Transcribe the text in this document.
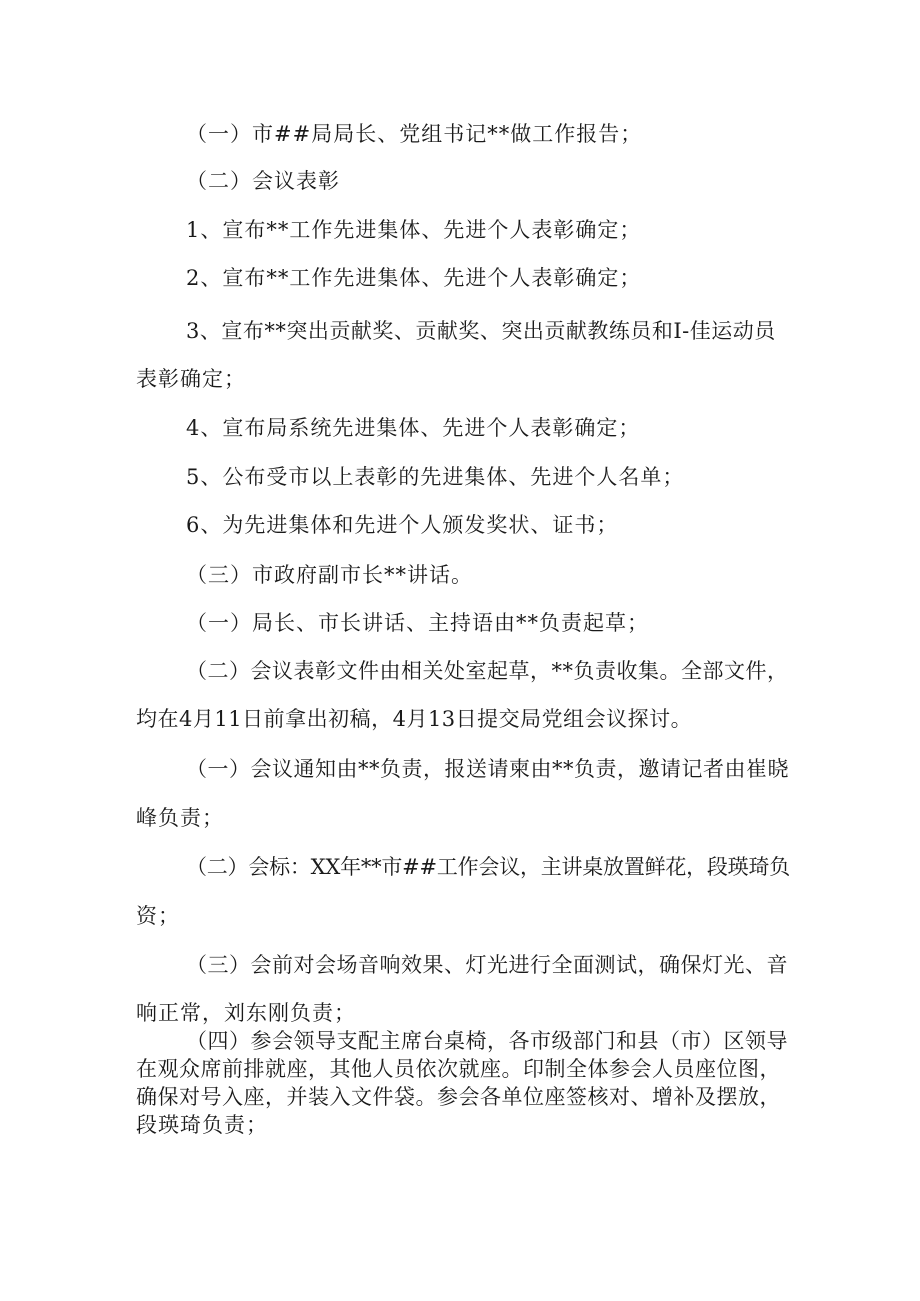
（一）市##局局长、党组书记**做工作报告；
（二）会议表彰
1、宣布**工作先进集体、先进个人表彰确定；
2、宣布**工作先进集体、先进个人表彰确定；
3、宣布**突出贡献奖、贡献奖、突出贡献教练员和I-佳运动员
表彰确定；
4、宣布局系统先进集体、先进个人表彰确定；
5、公布受市以上表彰的先进集体、先进个人名单；
6、为先进集体和先进个人颁发奖状、证书；
（三）市政府副市长**讲话。
（一）局长、市长讲话、主持语由**负责起草；
（二）会议表彰文件由相关处室起草，**负责收集。全部文件，
均在4月11日前拿出初稿，4月13日提交局党组会议探讨。
（一）会议通知由**负责，报送请柬由**负责，邀请记者由崔晓
峰负责；
（二）会标：XX年**市##工作会议，主讲桌放置鲜花，段瑛琦负
资；
（三）会前对会场音响效果、灯光进行全面测试，确保灯光、音
响正常，刘东刚负责；
（四）参会领导支配主席台桌椅，各市级部门和县（市）区领导
在观众席前排就座，其他人员依次就座。印制全体参会人员座位图，
确保对号入座，并装入文件袋。参会各单位座签核对、增补及摆放，
段瑛琦负责；
